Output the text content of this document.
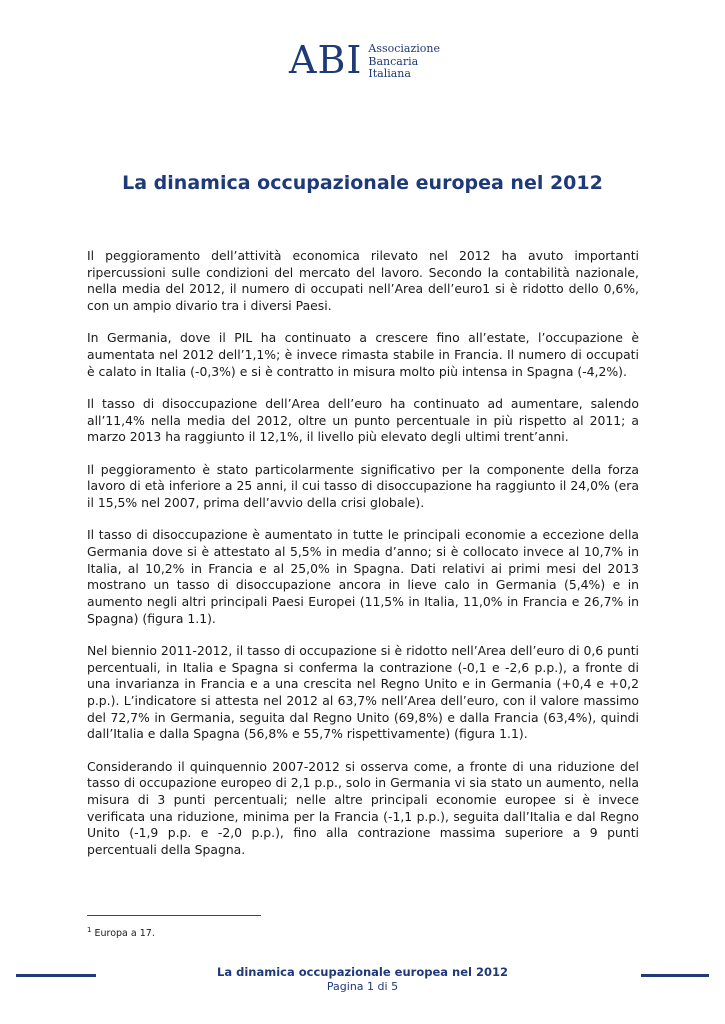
ABI Associazione
Bancaria
Italiana
La dinamica occupazionale europea nel 2012

Il peggioramento dell’attività economica rilevato nel 2012 ha avuto importanti ripercussioni sulle condizioni del mercato del lavoro. Secondo la contabilità nazionale, nella media del 2012, il numero di occupati nell’Area dell’euro1 si è ridotto dello 0,6%, con un ampio divario tra i diversi Paesi.

In Germania, dove il PIL ha continuato a crescere fino all’estate, l’occupazione è aumentata nel 2012 dell’1,1%; è invece rimasta stabile in Francia. Il numero di occupati è calato in Italia (-0,3%) e si è contratto in misura molto più intensa in Spagna (-4,2%).

Il tasso di disoccupazione dell’Area dell’euro ha continuato ad aumentare, salendo all’11,4% nella media del 2012, oltre un punto percentuale in più rispetto al 2011; a marzo 2013 ha raggiunto il 12,1%, il livello più elevato degli ultimi trent’anni.

Il peggioramento è stato particolarmente significativo per la componente della forza lavoro di età inferiore a 25 anni, il cui tasso di disoccupazione ha raggiunto il 24,0% (era il 15,5% nel 2007, prima dell’avvio della crisi globale).

Il tasso di disoccupazione è aumentato in tutte le principali economie a eccezione della Germania dove si è attestato al 5,5% in media d’anno; si è collocato invece al 10,7% in Italia, al 10,2% in Francia e al 25,0% in Spagna. Dati relativi ai primi mesi del 2013 mostrano un tasso di disoccupazione ancora in lieve calo in Germania (5,4%) e in aumento negli altri principali Paesi Europei (11,5% in Italia, 11,0% in Francia e 26,7% in Spagna) (figura 1.1).

Nel biennio 2011-2012, il tasso di occupazione si è ridotto nell’Area dell’euro di 0,6 punti percentuali, in Italia e Spagna si conferma la contrazione (-0,1 e -2,6 p.p.), a fronte di una invarianza in Francia e a una crescita nel Regno Unito e in Germania (+0,4 e +0,2 p.p.). L’indicatore si attesta nel 2012 al 63,7% nell’Area dell’euro, con il valore massimo del 72,7% in Germania, seguita dal Regno Unito (69,8%) e dalla Francia (63,4%), quindi dall’Italia e dalla Spagna (56,8% e 55,7% rispettivamente) (figura 1.1).

Considerando il quinquennio 2007-2012 si osserva come, a fronte di una riduzione del tasso di occupazione europeo di 2,1 p.p., solo in Germania vi sia stato un aumento, nella misura di 3 punti percentuali; nelle altre principali economie europee si è invece verificata una riduzione, minima per la Francia (-1,1 p.p.), seguita dall’Italia e dal Regno Unito (-1,9 p.p. e -2,0 p.p.), fino alla contrazione massima superiore a 9 punti percentuali della Spagna.

$^1$ Europa a 17.
La dinamica occupazionale europea nel 2012
Pagina 1 di 5
